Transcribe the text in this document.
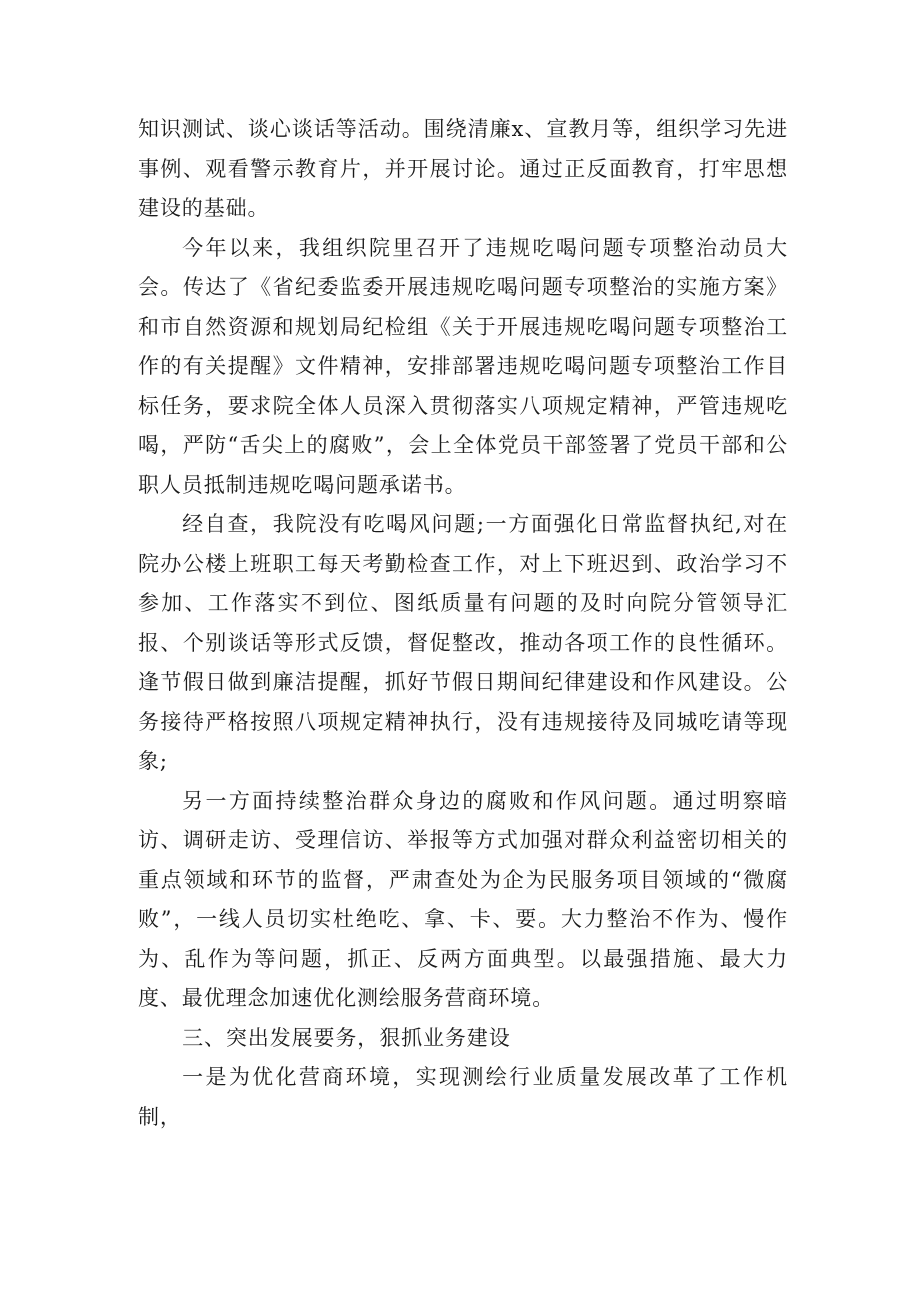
知识测试、谈心谈话等活动。围绕清廉x、宣教月等，组织学习先进事例、观看警示教育片，并开展讨论。通过正反面教育，打牢思想建设的基础。

今年以来，我组织院里召开了违规吃喝问题专项整治动员大会。传达了《省纪委监委开展违规吃喝问题专项整治的实施方案》和市自然资源和规划局纪检组《关于开展违规吃喝问题专项整治工作的有关提醒》文件精神，安排部署违规吃喝问题专项整治工作目标任务，要求院全体人员深入贯彻落实八项规定精神，严管违规吃喝，严防“舌尖上的腐败”，会上全体党员干部签署了党员干部和公职人员抵制违规吃喝问题承诺书。

经自查，我院没有吃喝风问题;一方面强化日常监督执纪,对在院办公楼上班职工每天考勤检查工作，对上下班迟到、政治学习不参加、工作落实不到位、图纸质量有问题的及时向院分管领导汇报、个别谈话等形式反馈，督促整改，推动各项工作的良性循环。逢节假日做到廉洁提醒，抓好节假日期间纪律建设和作风建设。公务接待严格按照八项规定精神执行，没有违规接待及同城吃请等现象;

另一方面持续整治群众身边的腐败和作风问题。通过明察暗访、调研走访、受理信访、举报等方式加强对群众利益密切相关的重点领域和环节的监督，严肃查处为企为民服务项目领域的“微腐败”，一线人员切实杜绝吃、拿、卡、要。大力整治不作为、慢作为、乱作为等问题，抓正、反两方面典型。以最强措施、最大力度、最优理念加速优化测绘服务营商环境。

三、突出发展要务，狠抓业务建设

一是为优化营商环境，实现测绘行业质量发展改革了工作机制，
